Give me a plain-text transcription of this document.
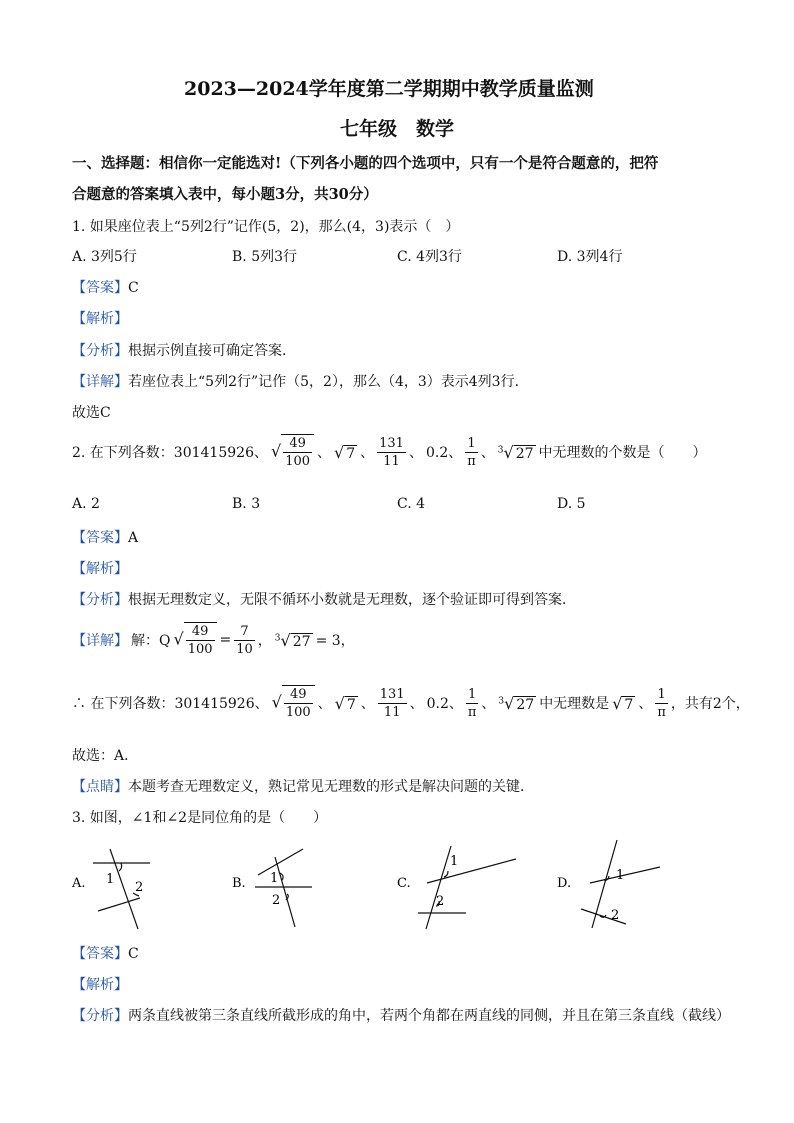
2023—2024学年度第二学期期中教学质量监测
七年级　数学
一、选择题：相信你一定能选对!（下列各小题的四个选项中，只有一个是符合题意的，把符
合题意的答案填入表中，每小题3分，共30分）
1. 如果座位表上“5列2行”记作(5，2)，那么(4，3)表示（　）
A. 3列5行	B. 5列3行	C. 4列3行	D. 3列4行
【答案】C
【解析】
【分析】根据示例直接可确定答案．
【详解】若座位表上“5列2行”记作（5，2），那么（4，3）表示4列3行．
故选C
2. 在下列各数：301415926、 √ $\frac{49}{100}$ 、 √ 7 、 $\frac{131}{11}$ 、 0.2、 $\frac{1}{\pi}$ 、 $^3$√ 27 中无理数的个数是（　　）
A. 2	B. 3	C. 4	D. 5
【答案】A
【解析】
【分析】根据无理数定义，无限不循环小数就是无理数，逐个验证即可得到答案．
【详解】 解：Q √ $\frac{49}{100} = \frac{7}{10}$ ， $^3$√ 27 = 3，
∴ 在下列各数：301415926、 √ $\frac{49}{100}$ 、 √ 7 、 $\frac{131}{11}$ 、 0.2、 $\frac{1}{\pi}$ 、 $^3$√ 27 中无理数是 √ 7 、 $\frac{1}{\pi}$ ，共有2个，
故选：A．
【点睛】本题考查无理数定义，熟记常见无理数的形式是解决问题的关键．
3. 如图，∠1和∠2是同位角的是（　　）
A. 1
2	B. 1
2
C.
1
2
D.
1
2
【答案】C
【解析】
【分析】两条直线被第三条直线所截形成的角中，若两个角都在两直线的同侧，并且在第三条直线（截线）
